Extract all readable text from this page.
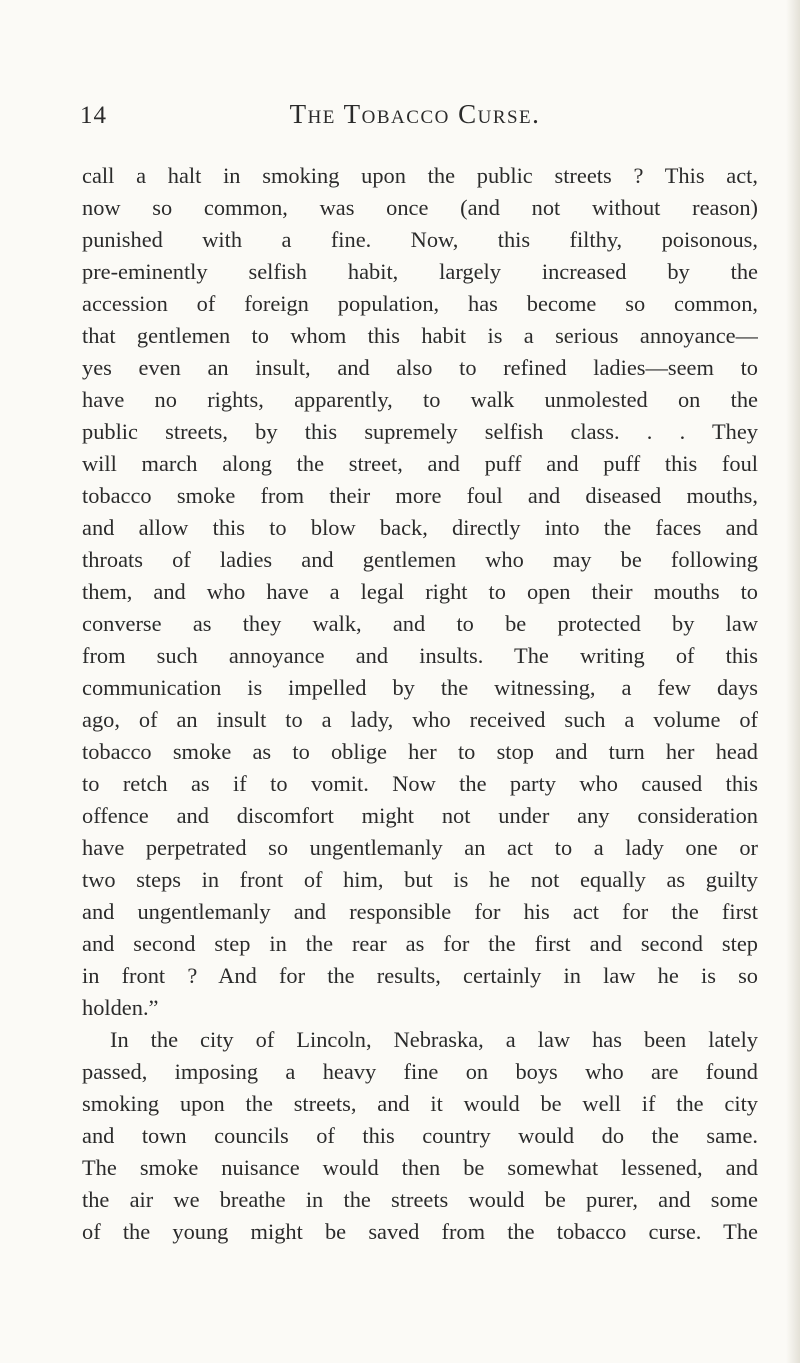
14	The Tobacco Curse.
call a halt in smoking upon the public streets ? This act,
now so common, was once (and not without reason)
punished with a fine. Now, this filthy, poisonous,
pre-eminently selfish habit, largely increased by the
accession of foreign population, has become so common,
that gentlemen to whom this habit is a serious annoyance—
yes even an insult, and also to refined ladies—seem to
have no rights, apparently, to walk unmolested on the
public streets, by this supremely selfish class. . . They
will march along the street, and puff and puff this foul
tobacco smoke from their more foul and diseased mouths,
and allow this to blow back, directly into the faces and
throats of ladies and gentlemen who may be following
them, and who have a legal right to open their mouths to
converse as they walk, and to be protected by law
from such annoyance and insults. The writing of this
communication is impelled by the witnessing, a few days
ago, of an insult to a lady, who received such a volume of
tobacco smoke as to oblige her to stop and turn her head
to retch as if to vomit. Now the party who caused this
offence and discomfort might not under any consideration
have perpetrated so ungentlemanly an act to a lady one or
two steps in front of him, but is he not equally as guilty
and ungentlemanly and responsible for his act for the first
and second step in the rear as for the first and second step
in front ? And for the results, certainly in law he is so
holden.”
In the city of Lincoln, Nebraska, a law has been lately
passed, imposing a heavy fine on boys who are found
smoking upon the streets, and it would be well if the city
and town councils of this country would do the same.
The smoke nuisance would then be somewhat lessened, and
the air we breathe in the streets would be purer, and some
of the young might be saved from the tobacco curse. The
